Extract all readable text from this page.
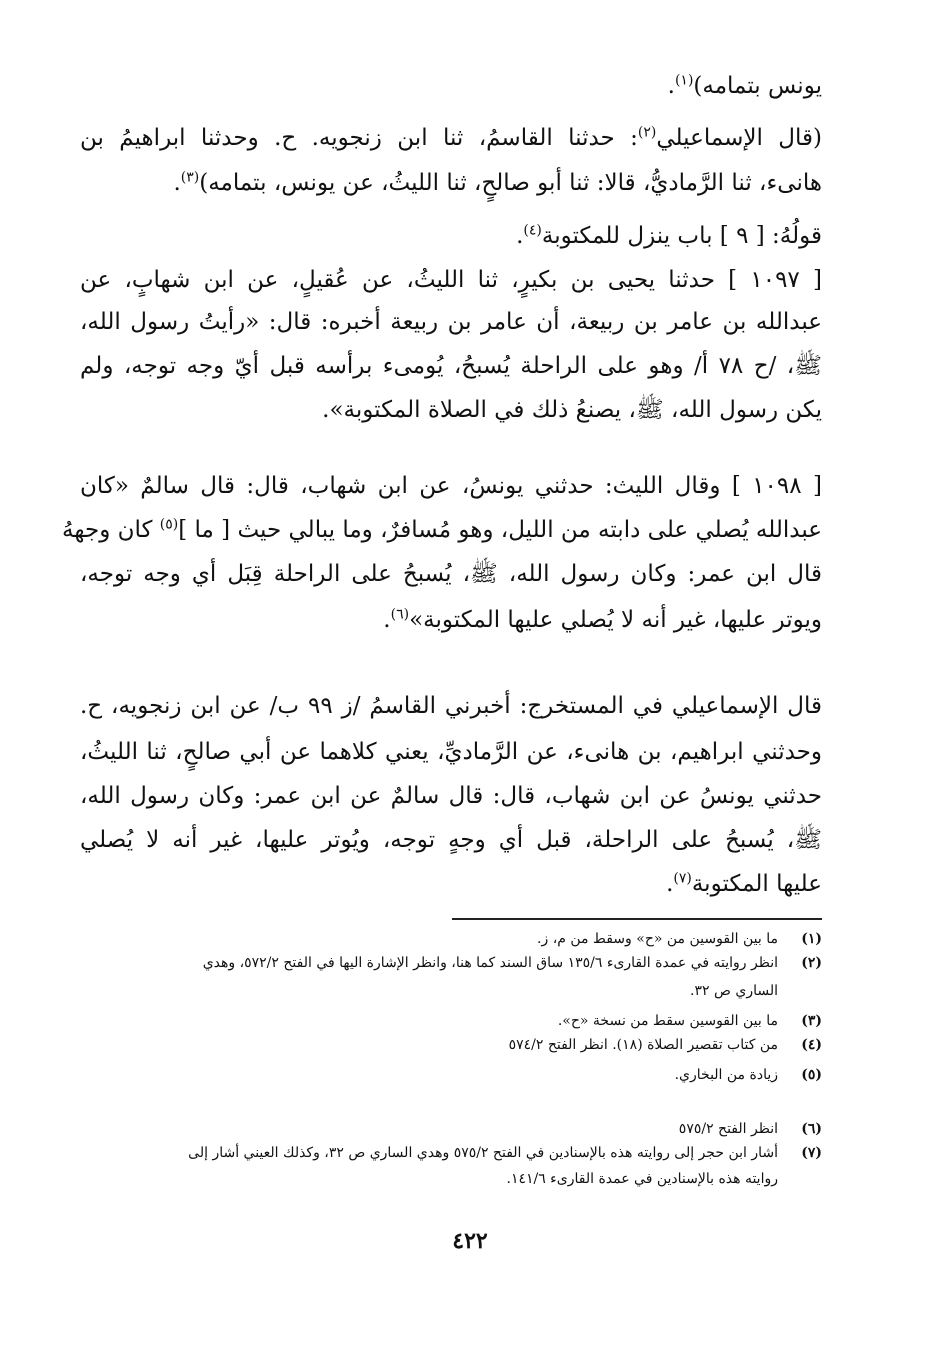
يونس بتمامه)$^{(١)}$.
(قال الإسماعيلي$^{(٢)}$: حدثنا القاسمُ، ثنا ابن زنجويه. ح. وحدثنا ابراهيمُ بن
هانىء، ثنا الرَّماديُّ، قالا: ثنا أبو صالحٍ، ثنا الليثُ، عن يونس، بتمامه)$^{(٣)}$.
قولُهُ: [ ٩ ] باب ينزل للمكتوبة$^{(٤)}$.
[ ١٠٩٧ ] حدثنا يحيى بن بكيرٍ، ثنا الليثُ، عن عُقيلٍ، عن ابن شهابٍ، عن
عبدالله بن عامر بن ربيعة، أن عامر بن ربيعة أخبره: قال: «رأيتُ رسول الله،
ﷺ، /ح ٧٨ أ/ وهو على الراحلة يُسبحُ، يُومىء برأسه قبل أيّ وجه توجه، ولم
يكن رسول الله، ﷺ، يصنعُ ذلك في الصلاة المكتوبة».
[ ١٠٩٨ ] وقال الليث: حدثني يونسُ، عن ابن شهاب، قال: قال سالمٌ «كان
عبدالله يُصلي على دابته من الليل، وهو مُسافرٌ، وما يبالي حيث [ ما ]$^{(٥)}$ كان وجههُ
قال ابن عمر: وكان رسول الله، ﷺ، يُسبحُ على الراحلة قِبَل أي وجه توجه،
ويوتر عليها، غير أنه لا يُصلي عليها المكتوبة»$^{(٦)}$.
قال الإسماعيلي في المستخرج: أخبرني القاسمُ /ز ٩٩ ب/ عن ابن زنجويه، ح.
وحدثني ابراهيم، بن هانىء، عن الرَّماديِّ، يعني كلاهما عن أبي صالحٍ، ثنا الليثُ،
حدثني يونسُ عن ابن شهاب، قال: قال سالمٌ عن ابن عمر: وكان رسول الله،
ﷺ، يُسبحُ على الراحلة، قبل أي وجهٍ توجه، ويُوتر عليها، غير أنه لا يُصلي
عليها المكتوبة$^{(٧)}$.
(١)ما بين القوسين من «ح» وسقط من م، ز.
(٢)انظر روايته في عمدة القارىء ١٣٥/٦ ساق السند كما هنا، وانظر الإشارة اليها في الفتح ٥٧٢/٢، وهدي
الساري ص ٣٢.
(٣)ما بين القوسين سقط من نسخة «ح».
(٤)من كتاب تقصير الصلاة (١٨). انظر الفتح ٥٧٤/٢
(٥)زيادة من البخاري.
(٦)انظر الفتح ٥٧٥/٢
(٧)أشار ابن حجر إلى روايته هذه بالإسنادين في الفتح ٥٧٥/٢ وهدي الساري ص ٣٢، وكذلك العيني أشار إلى
روايته هذه بالإسنادين في عمدة القارىء ١٤١/٦.
٤٢٢
